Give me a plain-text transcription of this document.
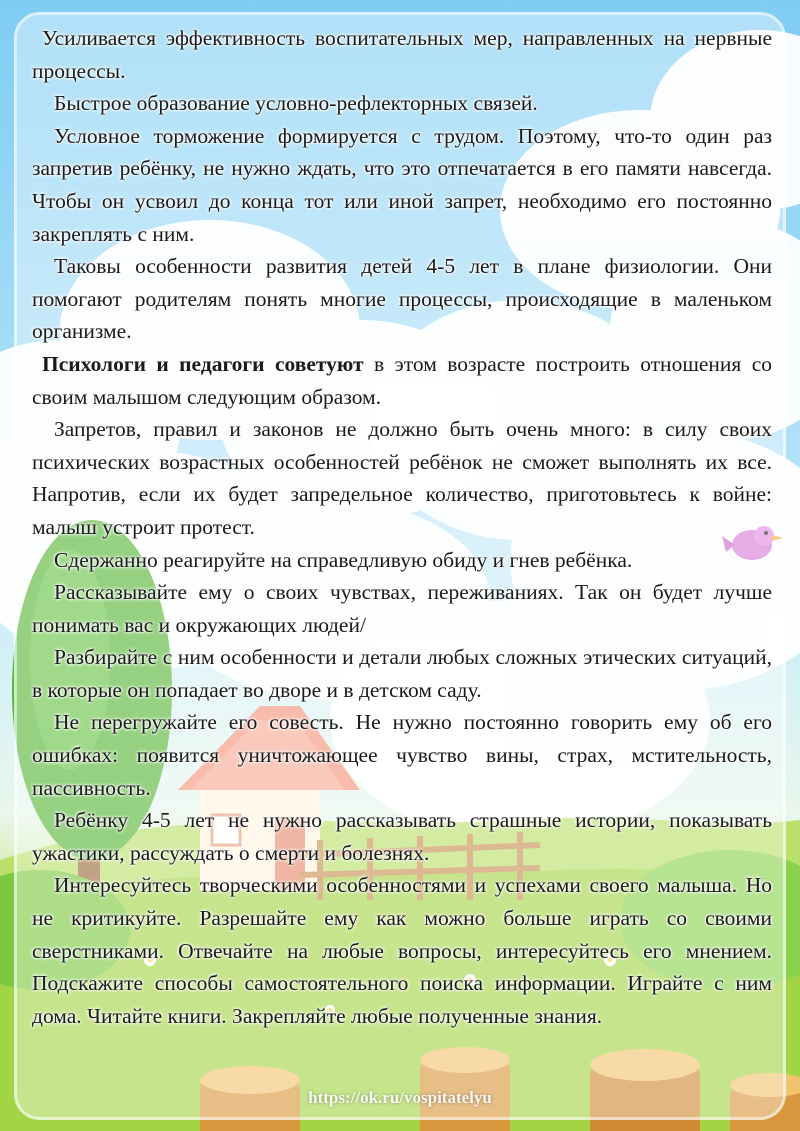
Усиливается эффективность воспитательных мер, направленных на нервные процессы.

Быстрое образование условно-рефлекторных связей.

Условное торможение формируется с трудом. Поэтому, что-то один раз запретив ребёнку, не нужно ждать, что это отпечатается в его памяти навсегда. Чтобы он усвоил до конца тот или иной запрет, необходимо его постоянно закреплять с ним.

Таковы особенности развития детей 4-5 лет в плане физиологии. Они помогают родителям понять многие процессы, происходящие в маленьком организме.

Психологи и педагоги советуют в этом возрасте построить отношения со своим малышом следующим образом.

Запретов, правил и законов не должно быть очень много: в силу своих психических возрастных особенностей ребёнок не сможет выполнять их все. Напротив, если их будет запредельное количество, приготовьтесь к войне: малыш устроит протест.

Сдержанно реагируйте на справедливую обиду и гнев ребёнка.

Рассказывайте ему о своих чувствах, переживаниях. Так он будет лучше понимать вас и окружающих людей/

Разбирайте с ним особенности и детали любых сложных этических ситуаций, в которые он попадает во дворе и в детском саду.

Не перегружайте его совесть. Не нужно постоянно говорить ему об его ошибках: появится уничтожающее чувство вины, страх, мстительность, пассивность.

Ребёнку 4-5 лет не нужно рассказывать страшные истории, показывать ужастики, рассуждать о смерти и болезнях.

Интересуйтесь творческими особенностями и успехами своего малыша. Но не критикуйте. Разрешайте ему как можно больше играть со своими сверстниками. Отвечайте на любые вопросы, интересуйтесь его мнением. Подскажите способы самостоятельного поиска информации. Играйте с ним дома. Читайте книги. Закрепляйте любые полученные знания.

https://ok.ru/vospitatelyu
